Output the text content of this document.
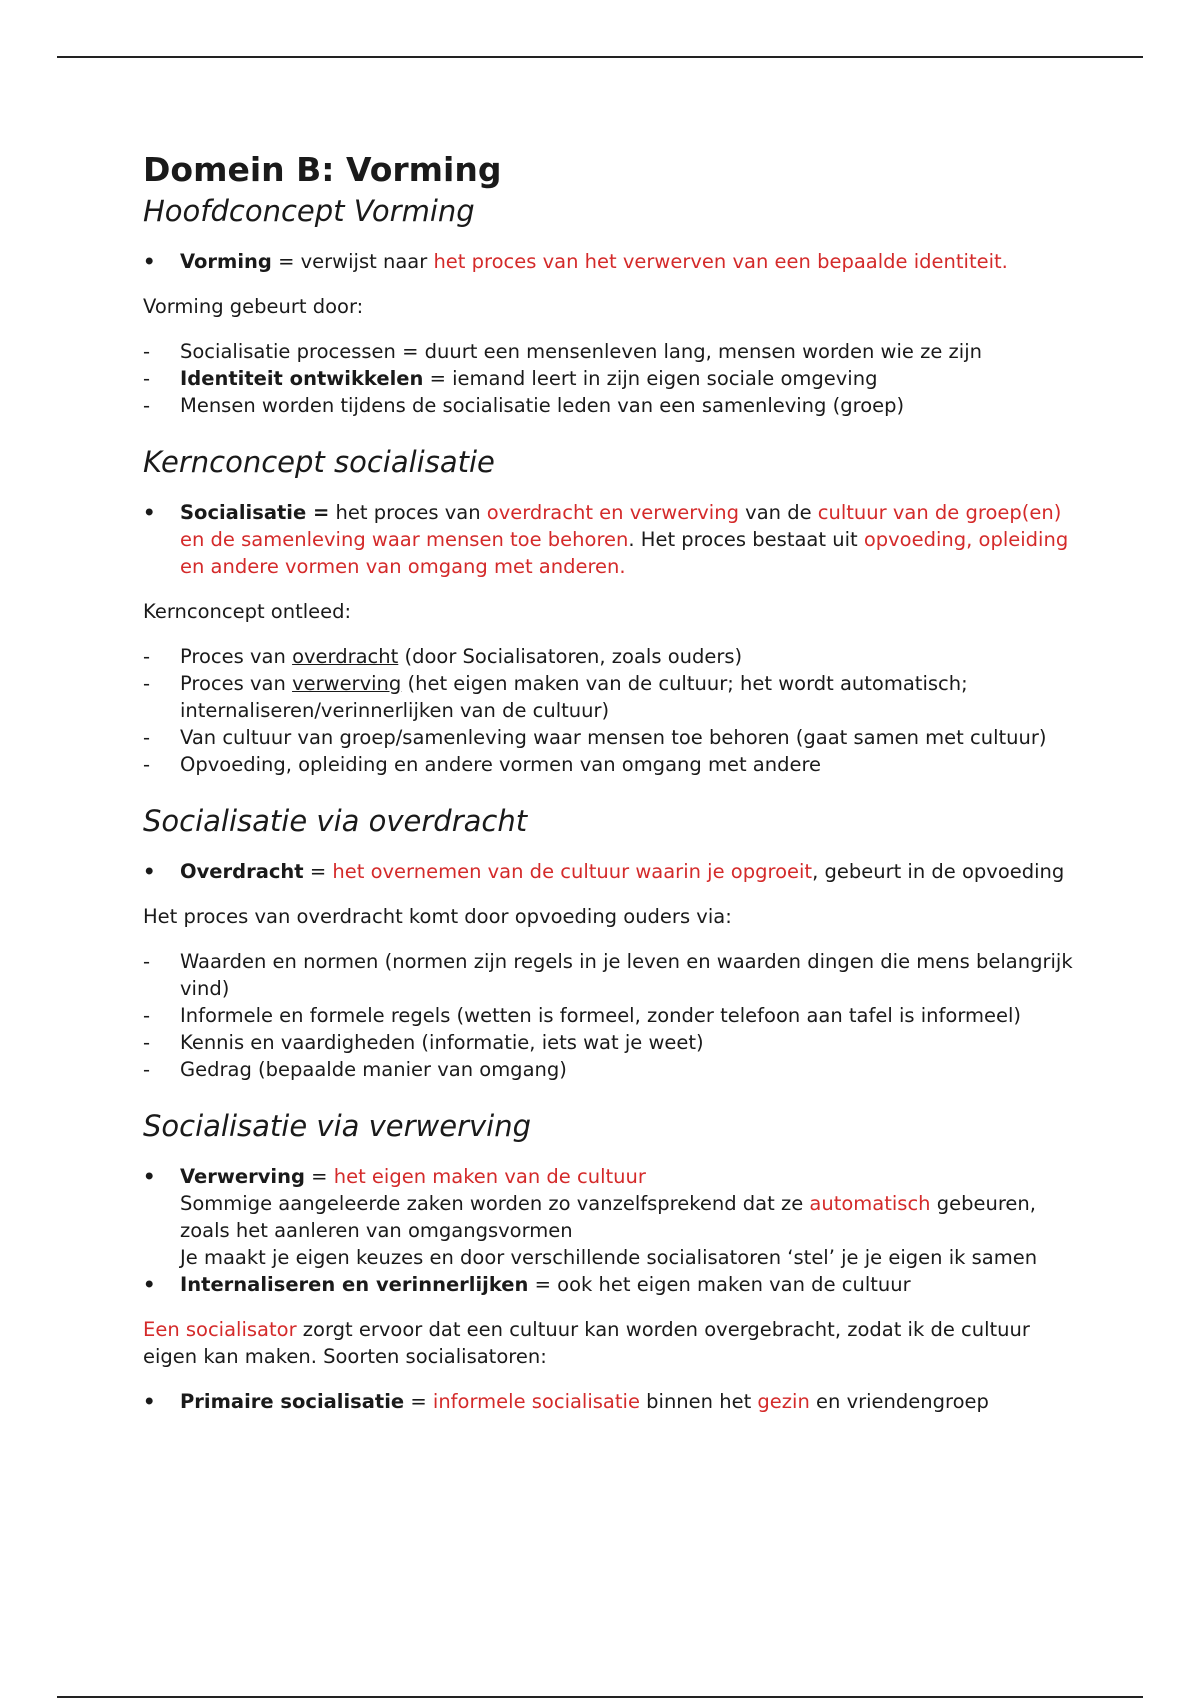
Domein B: Vorming
Hoofdconcept Vorming
• Vorming = verwijst naar het proces van het verwerven van een bepaalde identiteit.

Vorming gebeurt door:

- Socialisatie processen = duurt een mensenleven lang, mensen worden wie ze zijn
- Identiteit ontwikkelen = iemand leert in zijn eigen sociale omgeving
- Mensen worden tijdens de socialisatie leden van een samenleving (groep)
Kernconcept socialisatie
• Socialisatie = het proces van overdracht en verwerving van de cultuur van de groep(en) en de samenleving waar mensen toe behoren. Het proces bestaat uit opvoeding, opleiding en andere vormen van omgang met anderen.

Kernconcept ontleed:

- Proces van overdracht (door Socialisatoren, zoals ouders)
- Proces van verwerving (het eigen maken van de cultuur; het wordt automatisch; internaliseren/verinnerlijken van de cultuur)
- Van cultuur van groep/samenleving waar mensen toe behoren (gaat samen met cultuur)
- Opvoeding, opleiding en andere vormen van omgang met andere
Socialisatie via overdracht
• Overdracht = het overnemen van de cultuur waarin je opgroeit, gebeurt in de opvoeding

Het proces van overdracht komt door opvoeding ouders via:

- Waarden en normen (normen zijn regels in je leven en waarden dingen die mens belangrijk vind)
- Informele en formele regels (wetten is formeel, zonder telefoon aan tafel is informeel)
- Kennis en vaardigheden (informatie, iets wat je weet)
- Gedrag (bepaalde manier van omgang)
Socialisatie via verwerving
• Verwerving = het eigen maken van de cultuur
Sommige aangeleerde zaken worden zo vanzelfsprekend dat ze automatisch gebeuren, zoals het aanleren van omgangsvormen
Je maakt je eigen keuzes en door verschillende socialisatoren ‘stel’ je je eigen ik samen
• Internaliseren en verinnerlijken = ook het eigen maken van de cultuur

Een socialisator zorgt ervoor dat een cultuur kan worden overgebracht, zodat ik de cultuur eigen kan maken. Soorten socialisatoren:

• Primaire socialisatie = informele socialisatie binnen het gezin en vriendengroep
